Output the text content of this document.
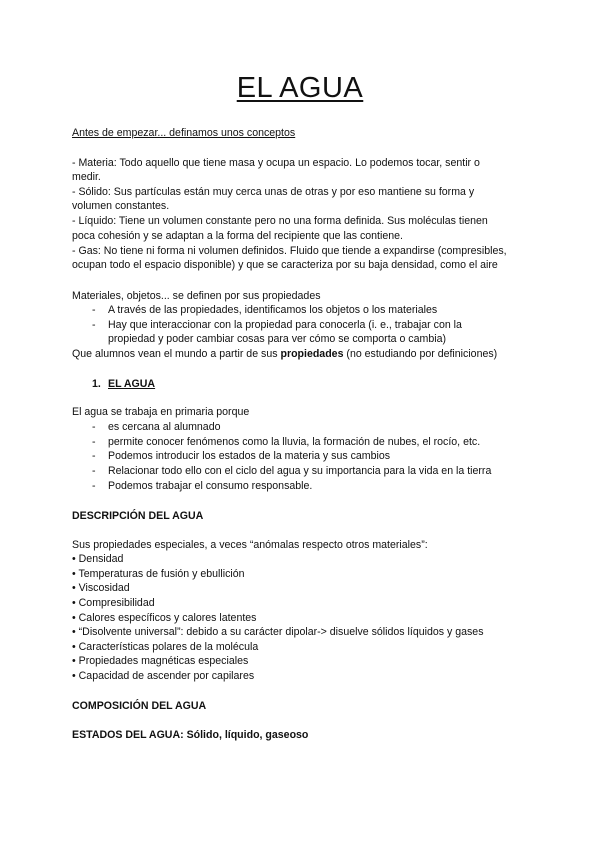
EL AGUA

Antes de empezar... definamos unos conceptos

- Materia: Todo aquello que tiene masa y ocupa un espacio. Lo podemos tocar, sentir o

medir.

- Sólido: Sus partículas están muy cerca unas de otras y por eso mantiene su forma y

volumen constantes.

- Líquido: Tiene un volumen constante pero no una forma definida. Sus moléculas tienen

poca cohesión y se adaptan a la forma del recipiente que las contiene.

- Gas: No tiene ni forma ni volumen definidos. Fluido que tiende a expandirse (compresibles,

ocupan todo el espacio disponible) y que se caracteriza por su baja densidad, como el aire

Materiales, objetos... se definen por sus propiedades

- A través de las propiedades, identificamos los objetos o los materiales
- Hay que interaccionar con la propiedad para conocerla (i. e., trabajar con la
propiedad y poder cambiar cosas para ver cómo se comporta o cambia)

Que alumnos vean el mundo a partir de sus propiedades (no estudiando por definiciones)

1. EL AGUA

El agua se trabaja en primaria porque

- es cercana al alumnado
- permite conocer fenómenos como la lluvia, la formación de nubes, el rocío, etc.
- Podemos introducir los estados de la materia y sus cambios
- Relacionar todo ello con el ciclo del agua y su importancia para la vida en la tierra
- Podemos trabajar el consumo responsable.

DESCRIPCIÓN DEL AGUA

Sus propiedades especiales, a veces “anómalas respecto otros materiales”:

• Densidad

• Temperaturas de fusión y ebullición

• Viscosidad

• Compresibilidad

• Calores específicos y calores latentes

• “Disolvente universal”: debido a su carácter dipolar-> disuelve sólidos líquidos y gases

• Características polares de la molécula

• Propiedades magnéticas especiales

• Capacidad de ascender por capilares

COMPOSICIÓN DEL AGUA

ESTADOS DEL AGUA: Sólido, líquido, gaseoso
